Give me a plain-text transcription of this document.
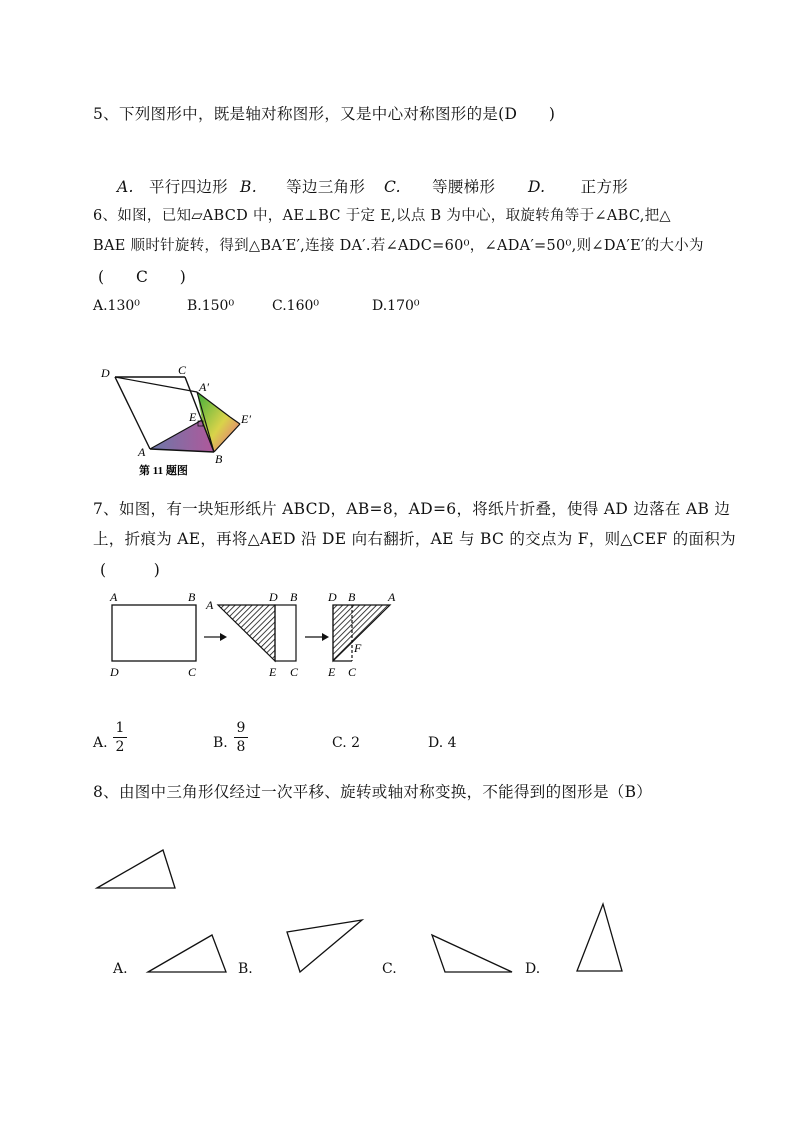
5、下列图形中，既是轴对称图形，又是中心对称图形的是(D　　)
A. 平行四边形 B. 等边三角形 C. 等腰梯形 D. 正方形
6、如图，已知▱ABCD 中，AE⊥BC 于定 E,以点 B 为中心，取旋转角等于∠ABC,把△
BAE 顺时针旋转，得到△BA′E′,连接 DA′.若∠ADC=60⁰，∠ADA′=50⁰,则∠DA′E′的大小为
(　　C　　)
A.130⁰	B.150⁰	C.160⁰	D.170⁰
D	C
A′
E	E′
A	B
第 11 题图
7、如图，有一块矩形纸片 ABCD，AB=8，AD=6，将纸片折叠，使得 AD 边落在 AB 边
上，折痕为 AE，再将△AED 沿 DE 向右翻折，AE 与 BC 的交点为 F，则△CEF 的面积为
(　　　)
A	B
D	C
A
D B
E C
D B	A
F
E C
A.
1
2	B.
9
8	C. 2	D. 4
8、由图中三角形仅经过一次平移、旋转或轴对称变换，不能得到的图形是（B）
A.	B.	C.	D.
